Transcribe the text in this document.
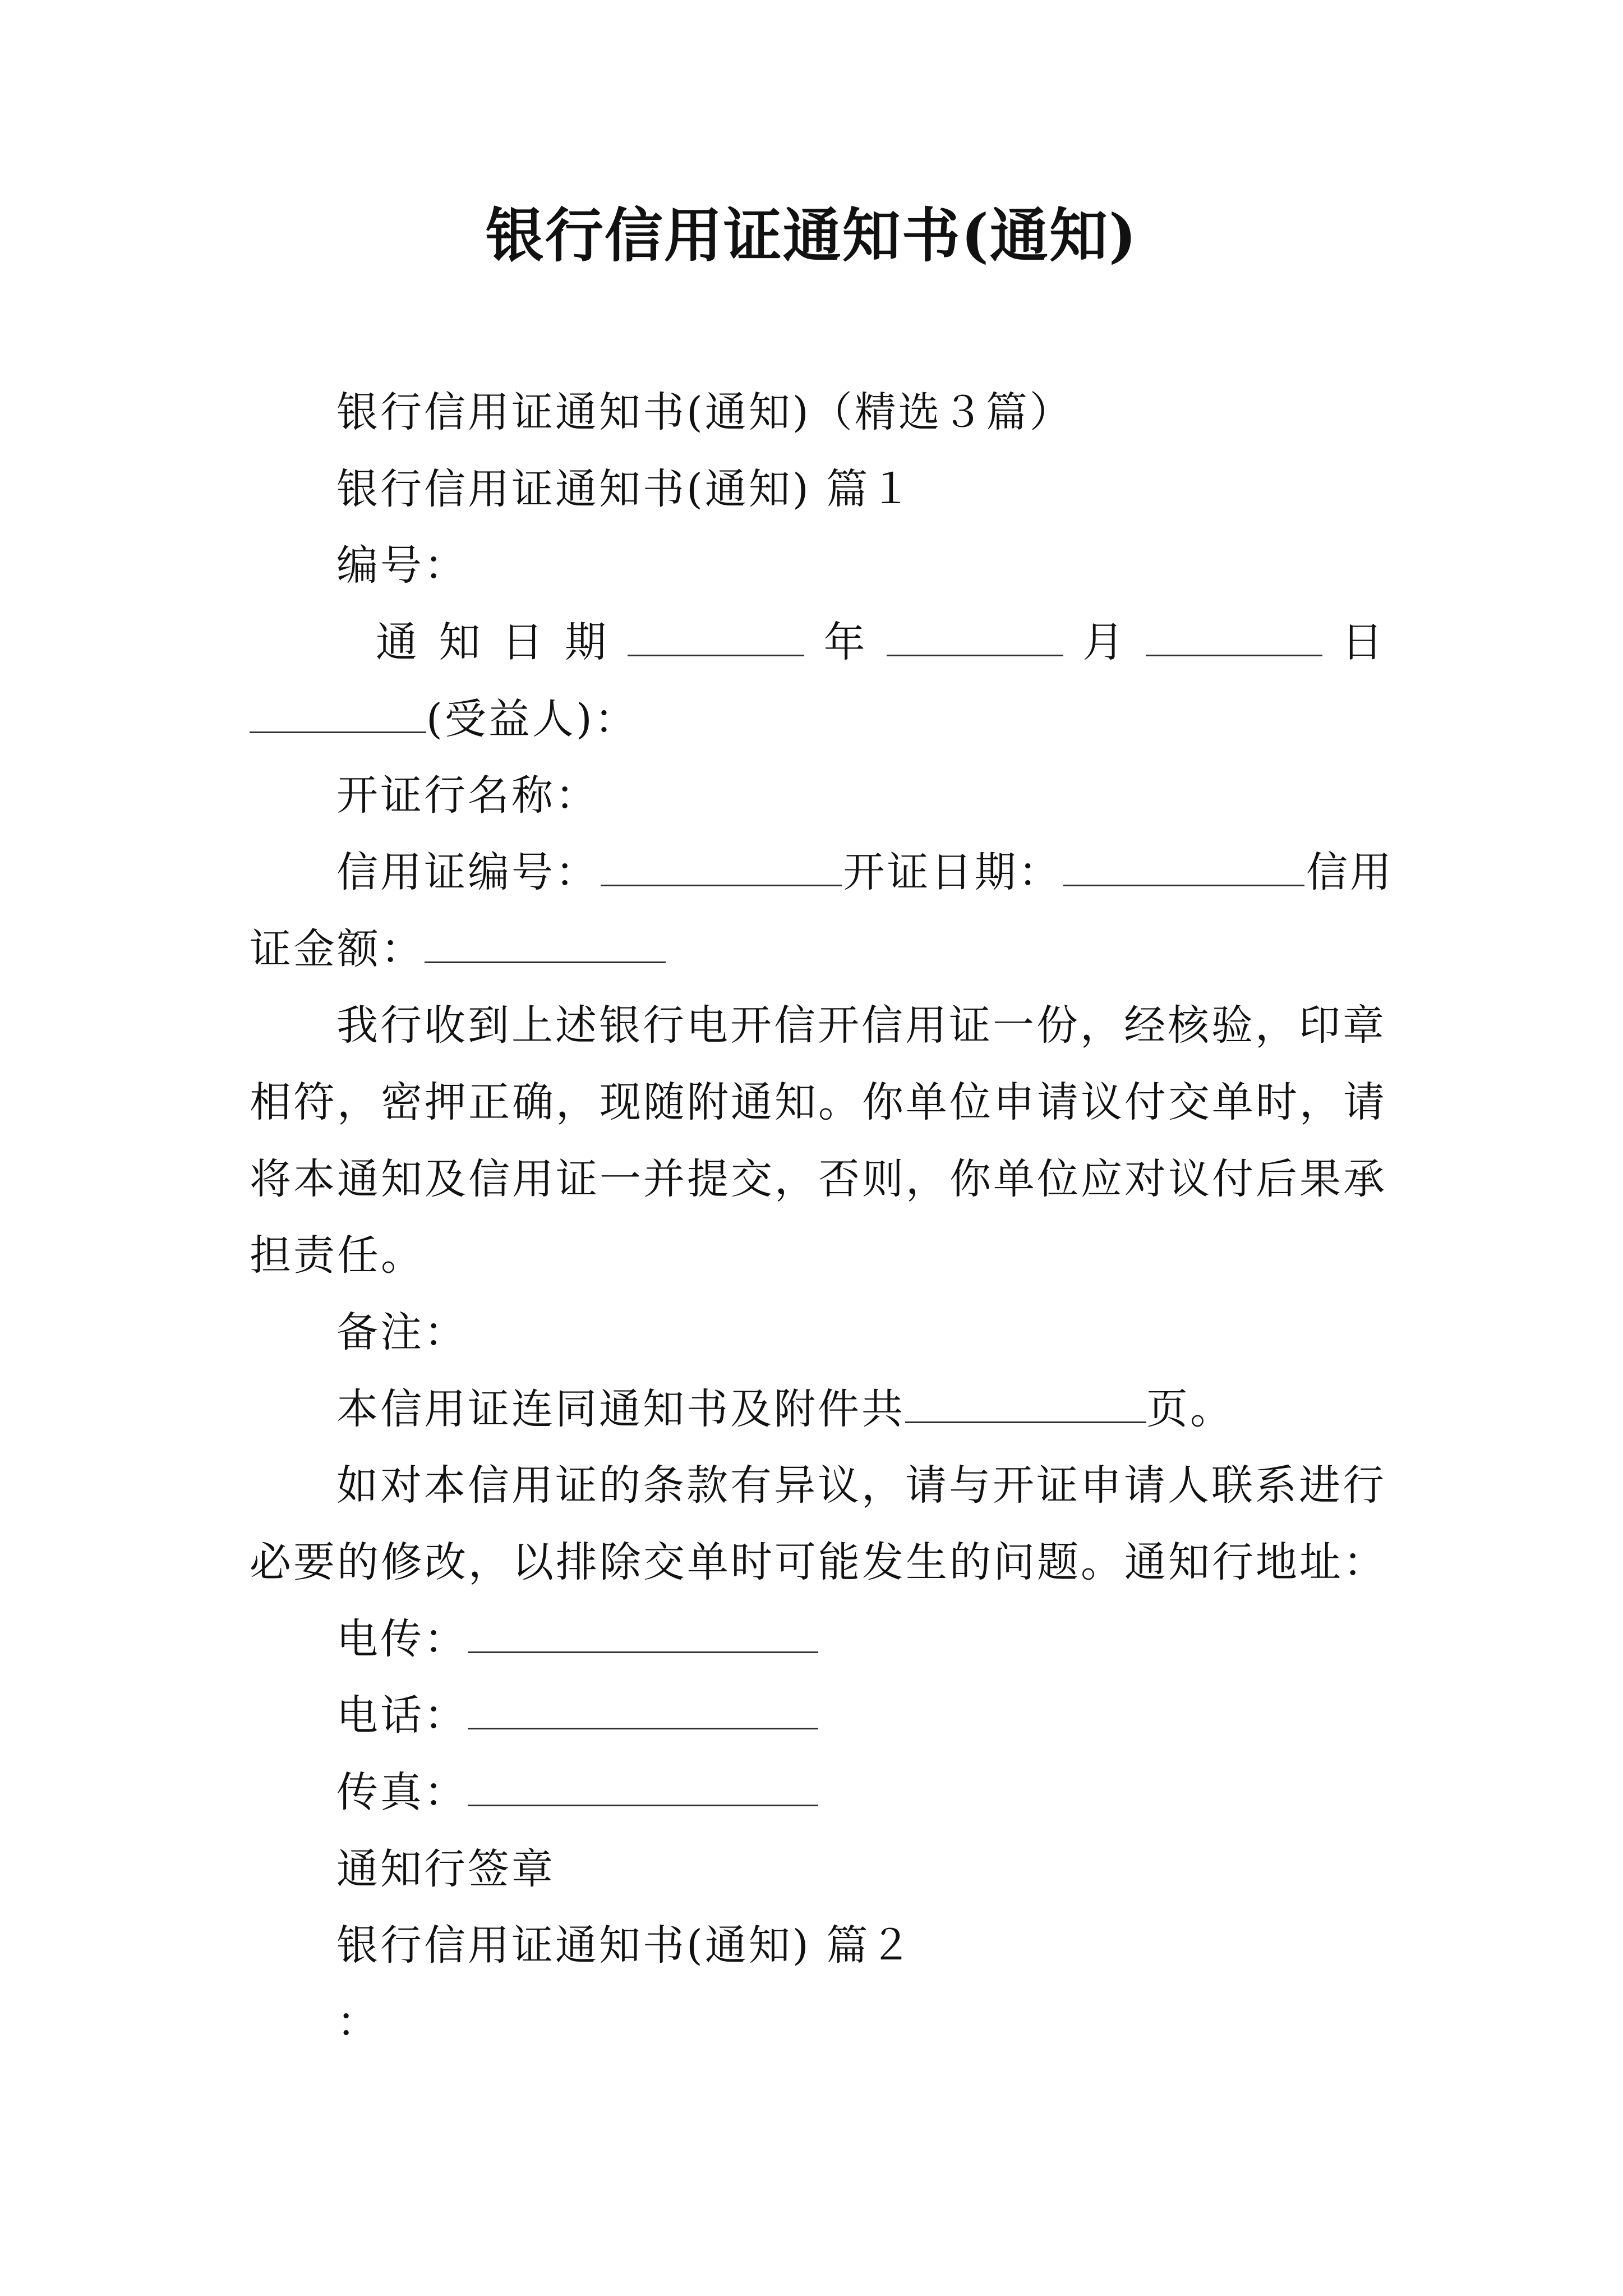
银行信用证通知书(通知)
银行信用证通知书(通知)（精选３篇）
银行信用证通知书(通知) 篇１
编号：
通 知 日 期	年	月	日
(受益人)：
开证行名称：
信用证编号：	开证日期：	信用
证金额：
我行收到上述银行电开信开信用证一份，经核验，印章
相符，密押正确，现随附通知。你单位申请议付交单时，请
将本通知及信用证一并提交，否则，你单位应对议付后果承
担责任。
备注：
本信用证连同通知书及附件共	页。
如对本信用证的条款有异议，请与开证申请人联系进行
必要的修改，以排除交单时可能发生的问题。通知行地址：
电传：
电话：
传真：
通知行签章
银行信用证通知书(通知) 篇２
：
